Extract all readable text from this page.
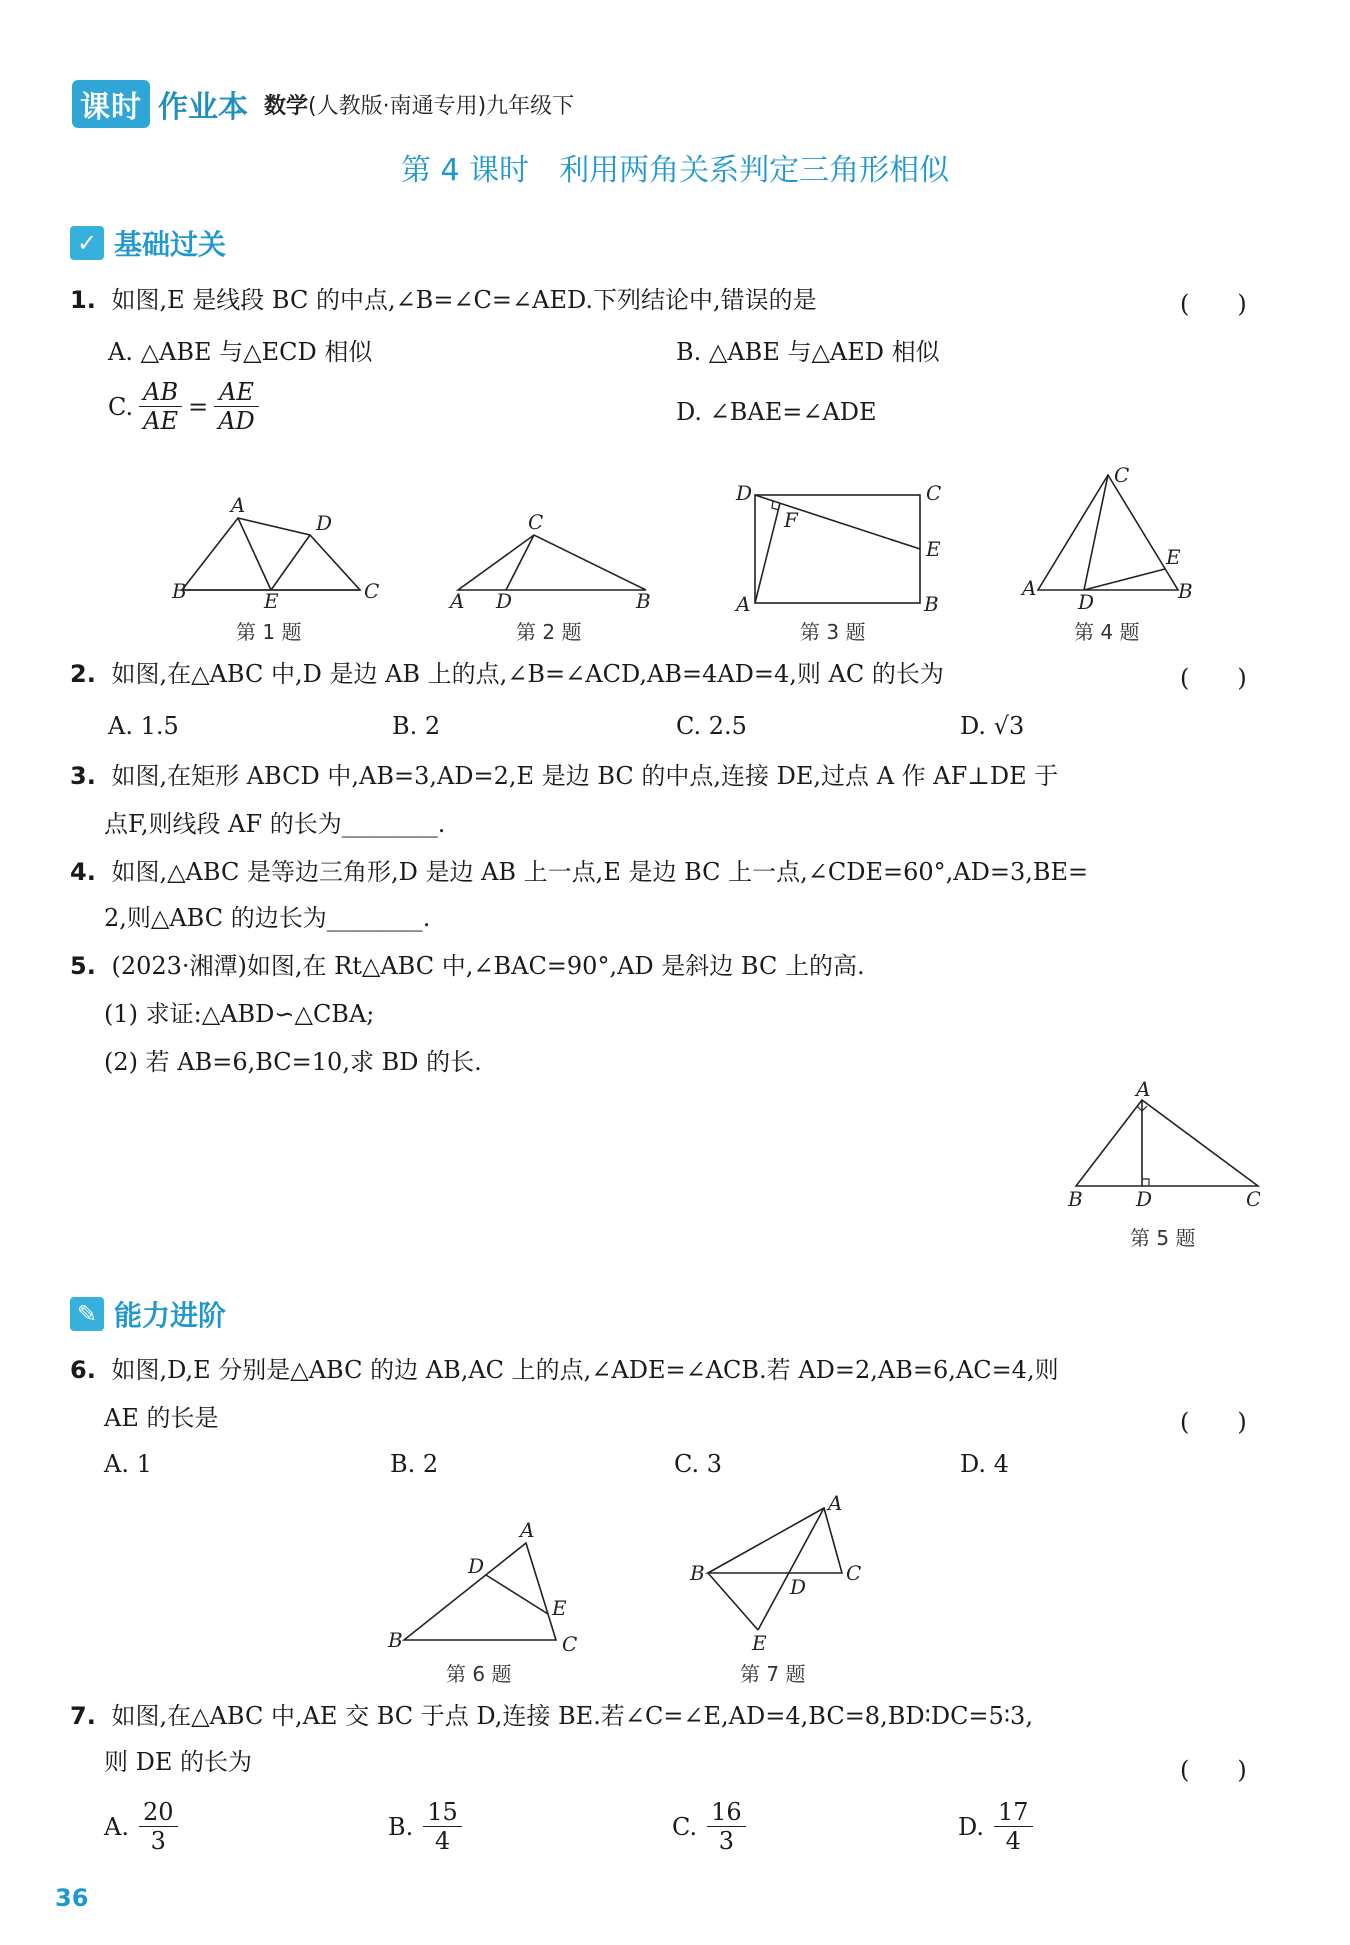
课时 作业本 数学(人教版·南通专用)九年级下
第 4 课时　利用两角关系判定三角形相似
✓ 基础过关
1. 如图,E 是线段 BC 的中点,∠B=∠C=∠AED.下列结论中,错误的是	(　　)
A. △ABE 与△ECD 相似	B. △ABE 与△AED 相似
C. $\frac{AB}{AE} = \frac{AE}{AD}$	D. ∠BAE=∠ADE
A
D
B	E	C
第 1 题
C
A D	B
第 2 题
D	C
F
E
A	B
第 3 题
C
E
A
D	B
第 4 题
2. 如图,在△ABC 中,D 是边 AB 上的点,∠B=∠ACD,AB=4AD=4,则 AC 的长为	(　　)
A. 1.5	B. 2	C. 2.5	D. √3
3. 如图,在矩形 ABCD 中,AB=3,AD=2,E 是边 BC 的中点,连接 DE,过点 A 作 AF⊥DE 于
点F,则线段 AF 的长为________.
4. 如图,△ABC 是等边三角形,D 是边 AB 上一点,E 是边 BC 上一点,∠CDE=60°,AD=3,BE=
2,则△ABC 的边长为________.
5. (2023·湘潭)如图,在 Rt△ABC 中,∠BAC=90°,AD 是斜边 BC 上的高.
(1) 求证:△ABD∽△CBA;
(2) 若 AB=6,BC=10,求 BD 的长.
A
B	D	C
第 5 题
✎ 能力进阶
6. 如图,D,E 分别是△ABC 的边 AB,AC 上的点,∠ADE=∠ACB.若 AD=2,AB=6,AC=4,则
AE 的长是	(　　)
A. 1	B. 2	C. 3	D. 4
A
D
E
B	C
第 6 题
A
B	C
D
E
第 7 题
7. 如图,在△ABC 中,AE 交 BC 于点 D,连接 BE.若∠C=∠E,AD=4,BC=8,BD∶DC=5∶3,
则 DE 的长为	(　　)
A. $\frac{20}{3}$	B. $\frac{15}{4}$	C. $\frac{16}{3}$	D. $\frac{17}{4}$
36
